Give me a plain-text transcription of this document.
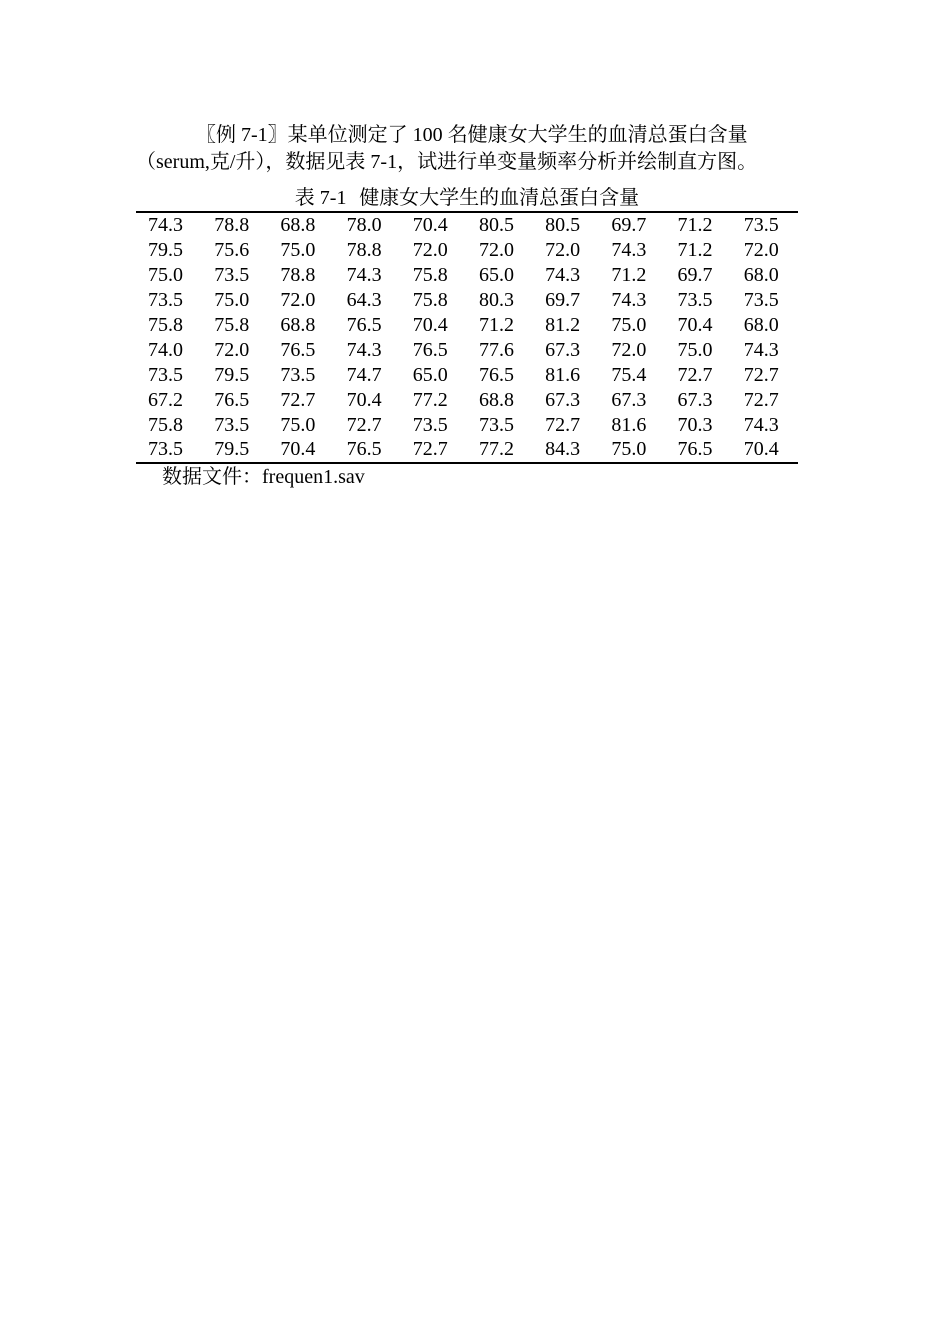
〖例 7-1〗某单位测定了 100 名健康女大学生的血清总蛋白含量
（serum,克/升），数据见表 7-1，试进行单变量频率分析并绘制直方图。

表 7-1 健康女大学生的血清总蛋白含量
74.3	78.8	68.8	78.0	70.4	80.5	80.5	69.7	71.2	73.5
79.5	75.6	75.0	78.8	72.0	72.0	72.0	74.3	71.2	72.0
75.0	73.5	78.8	74.3	75.8	65.0	74.3	71.2	69.7	68.0
73.5	75.0	72.0	64.3	75.8	80.3	69.7	74.3	73.5	73.5
75.8	75.8	68.8	76.5	70.4	71.2	81.2	75.0	70.4	68.0
74.0	72.0	76.5	74.3	76.5	77.6	67.3	72.0	75.0	74.3
73.5	79.5	73.5	74.7	65.0	76.5	81.6	75.4	72.7	72.7
67.2	76.5	72.7	70.4	77.2	68.8	67.3	67.3	67.3	72.7
75.8	73.5	75.0	72.7	73.5	73.5	72.7	81.6	70.3	74.3
73.5	79.5	70.4	76.5	72.7	77.2	84.3	75.0	76.5	70.4
数据文件：frequen1.sav
